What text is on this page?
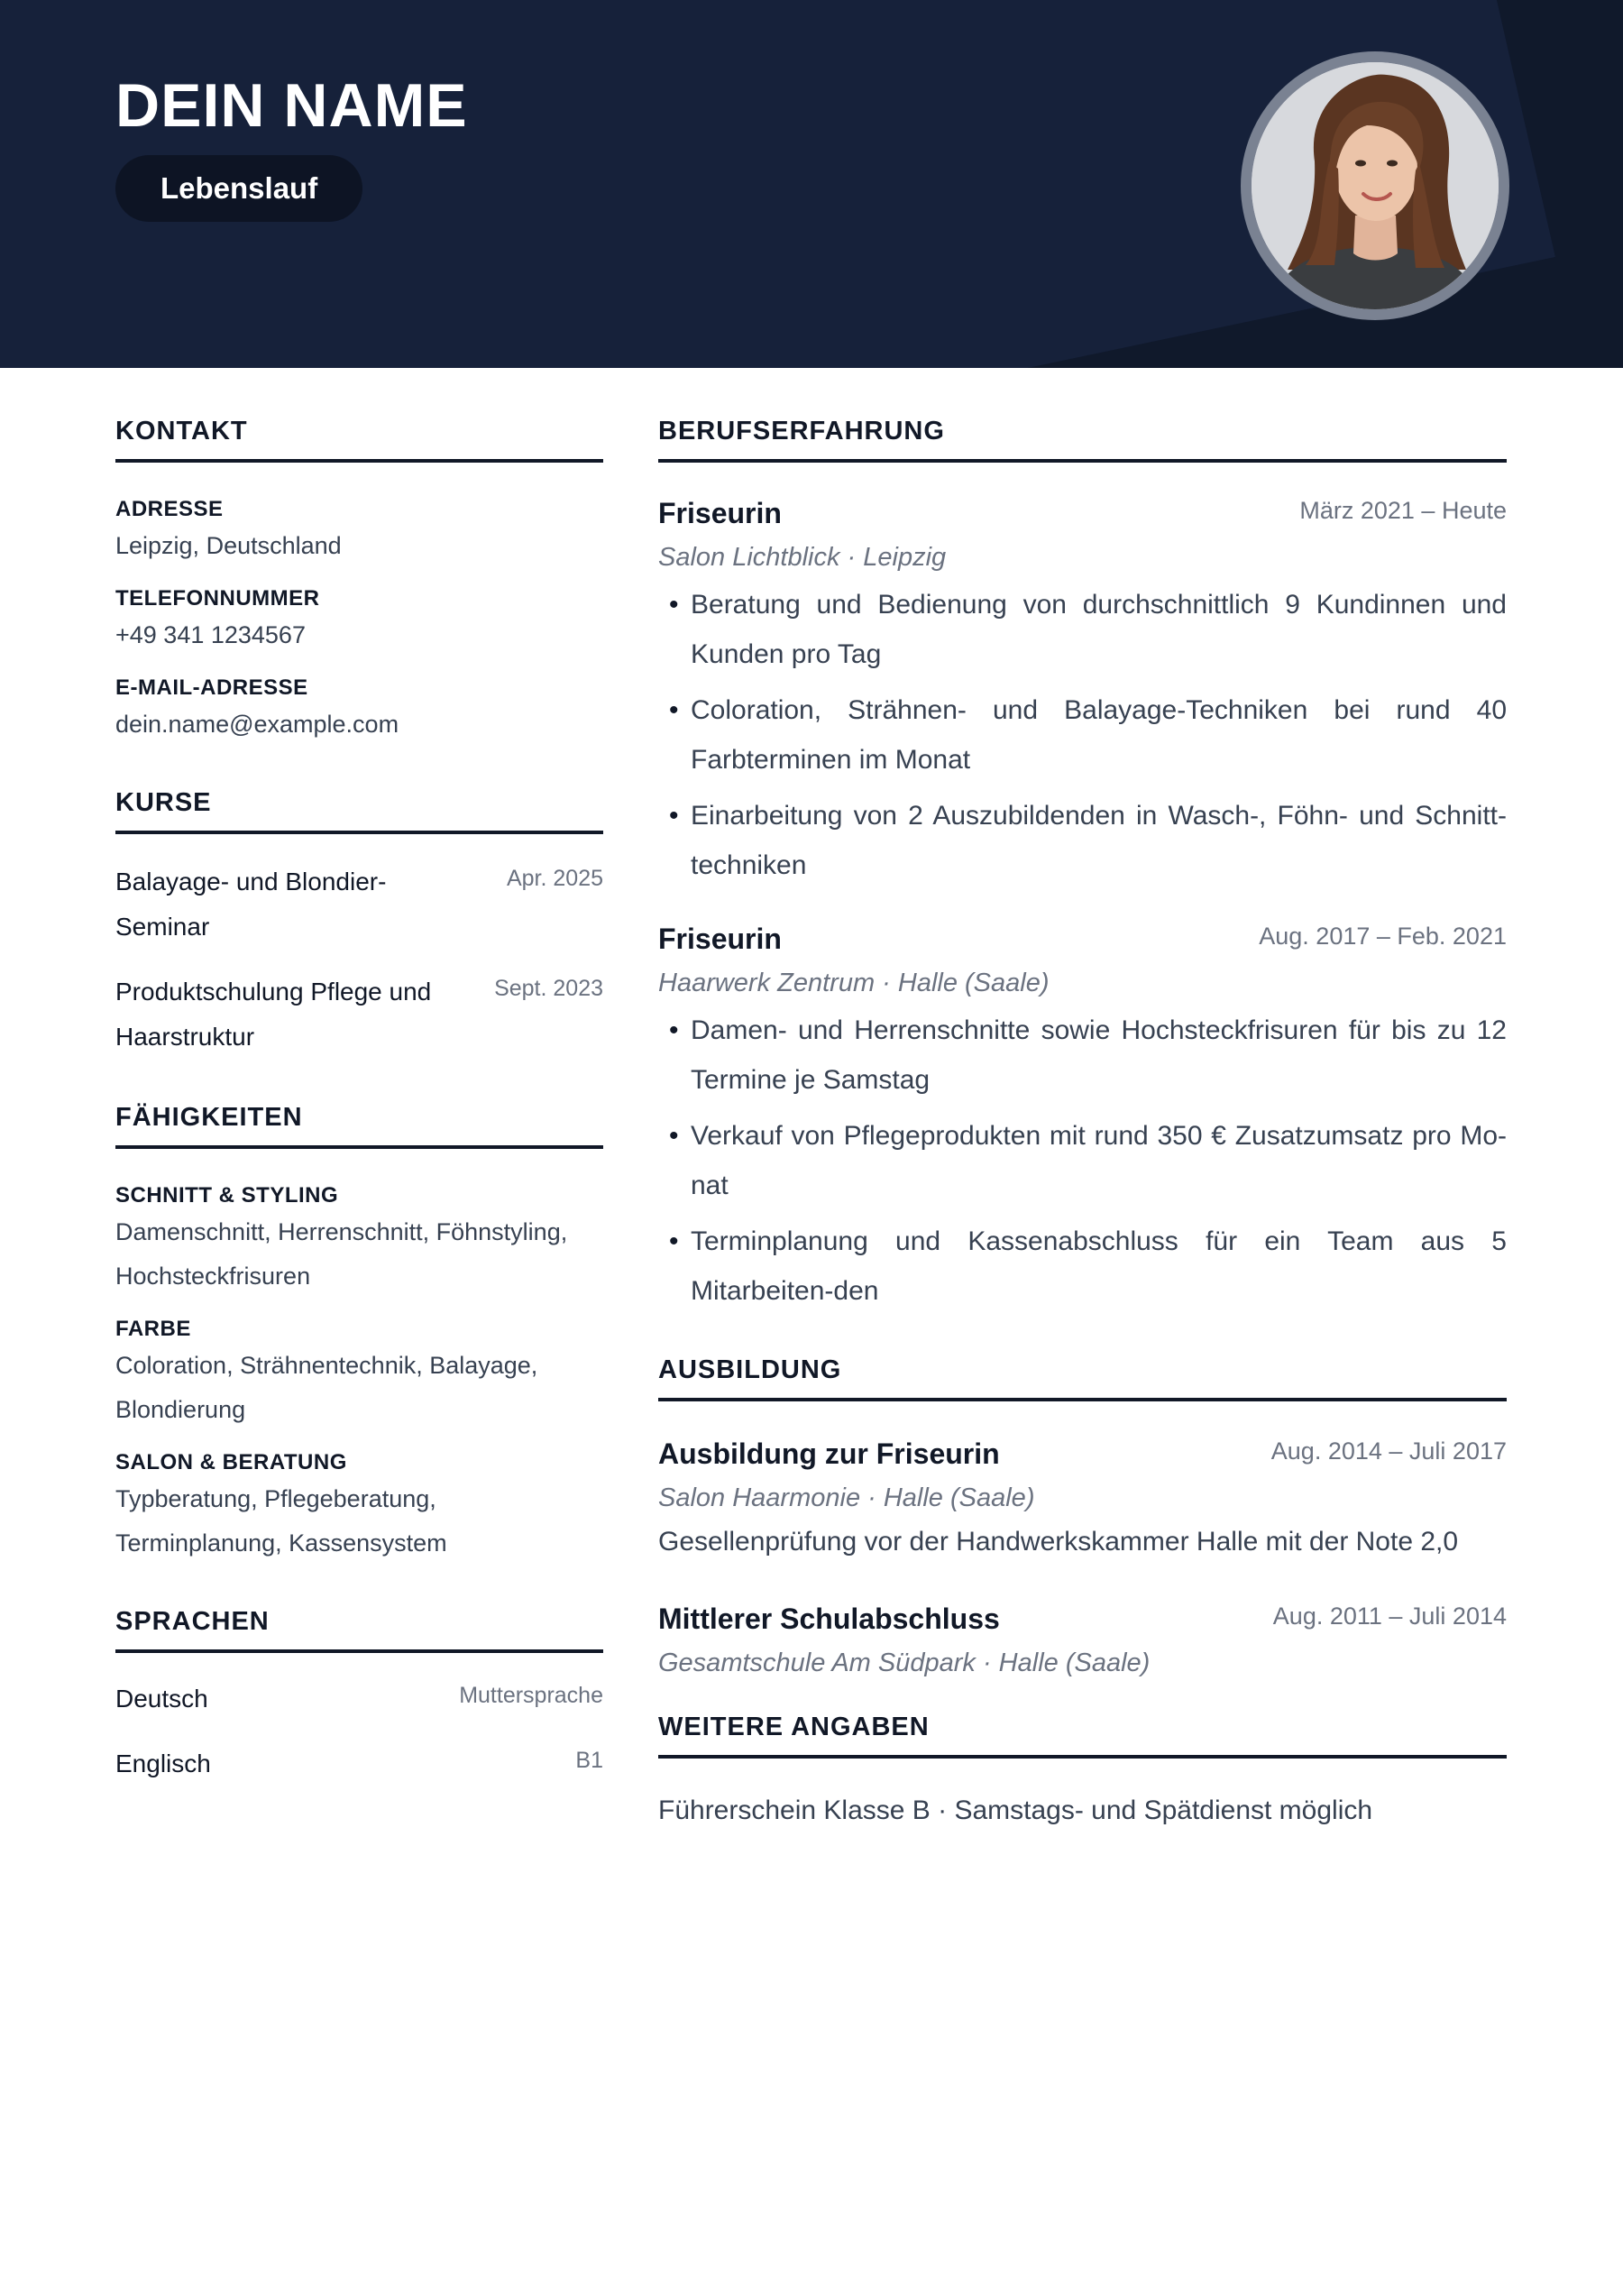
DEIN NAME
Lebenslauf
KONTAKT
ADRESSE
Leipzig, Deutschland
TELEFONNUMMER
+49 341 1234567
E-MAIL-ADRESSE
dein.name@example.com
KURSE
Balayage- und Blondier-Seminar
Apr. 2025
Produktschulung Pflege und Haarstruktur
Sept. 2023
FÄHIGKEITEN
SCHNITT & STYLING
Damenschnitt, Herrenschnitt, Föhnstyling, Hochsteckfrisuren
FARBE
Coloration, Strähnentechnik, Balayage, Blondierung
SALON & BERATUNG
Typberatung, Pflegeberatung, Terminplanung, Kassensystem
SPRACHEN
Deutsch	Muttersprache
Englisch	B1
BERUFSERFAHRUNG
Friseurin	März 2021 – Heute
Salon Lichtblick · Leipzig
• Beratung und Bedienung von durchschnittlich 9 Kundinnen und Kunden pro Tag
• Coloration, Strähnen- und Balayage-Techniken bei rund 40 Farbterminen im Monat
• Einarbeitung von 2 Auszubildenden in Wasch-, Föhn- und Schnitt-techniken
Friseurin	Aug. 2017 – Feb. 2021
Haarwerk Zentrum · Halle (Saale)
• Damen- und Herrenschnitte sowie Hochsteckfrisuren für bis zu 12 Termine je Samstag
• Verkauf von Pflegeprodukten mit rund 350 € Zusatzumsatz pro Mo-nat
• Terminplanung und Kassenabschluss für ein Team aus 5 Mitarbeiten-den
AUSBILDUNG
Ausbildung zur Friseurin	Aug. 2014 – Juli 2017
Salon Haarmonie · Halle (Saale)
Gesellenprüfung vor der Handwerkskammer Halle mit der Note 2,0
Mittlerer Schulabschluss	Aug. 2011 – Juli 2014
Gesamtschule Am Südpark · Halle (Saale)
WEITERE ANGABEN
Führerschein Klasse B · Samstags- und Spätdienst möglich
